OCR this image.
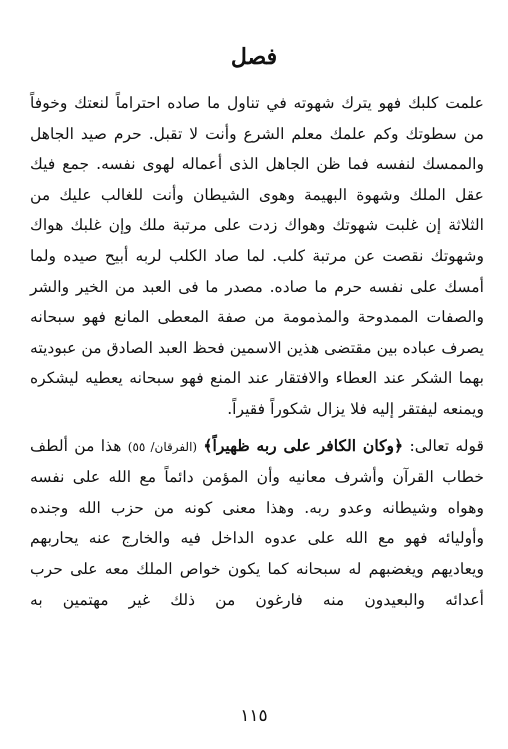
فصل

علمت كلبك فهو يترك شهوته في تناول ما صاده احتراماً لنعتك وخوفاً من سطوتك وكم علمك معلم الشرع وأنت لا تقبل. حرم صيد الجاهل والممسك لنفسه فما ظن الجاهل الذى أعماله لهوى نفسه. جمع فيك عقل الملك وشهوة البهيمة وهوى الشيطان وأنت للغالب عليك من الثلاثة إن غلبت شهوتك وهواك زدت على مرتبة ملك وإن غلبك هواك وشهوتك نقصت عن مرتبة كلب. لما صاد الكلب لربه أبيح صيده ولما أمسك على نفسه حرم ما صاده. مصدر ما فى العبد من الخير والشر والصفات الممدوحة والمذمومة من صفة المعطى المانع فهو سبحانه يصرف عباده بين مقتضى هذين الاسمين فحظ العبد الصادق من عبوديته بهما الشكر عند العطاء والافتقار عند المنع فهو سبحانه يعطيه ليشكره ويمنعه ليفتقر إليه فلا يزال شكوراً فقيراً.

قوله تعالى: ﴿وكان الكافر على ربه ظهيراً﴾ (الفرقان/ ٥٥) هذا من ألطف خطاب القرآن وأشرف معانيه وأن المؤمن دائماً مع الله على نفسه وهواه وشيطانه وعدو ربه. وهذا معنى كونه من حزب الله وجنده وأوليائه فهو مع الله على عدوه الداخل فيه والخارج عنه يحاربهم ويعاديهم ويغضبهم له سبحانه كما يكون خواص الملك معه على حرب أعدائه والبعيدون منه فارغون من ذلك غير مهتمين به

١١٥
